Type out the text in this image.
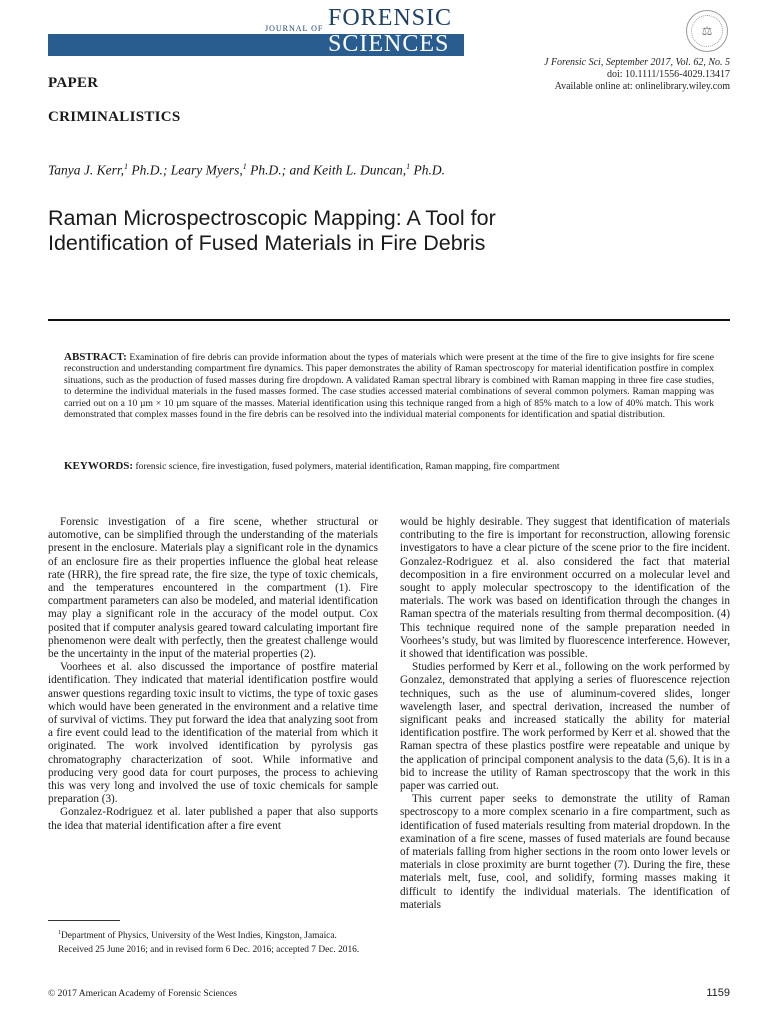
JOURNAL OF FORENSIC
SCIENCES
⚖
J Forensic Sci, September 2017, Vol. 62, No. 5
doi: 10.1111/1556-4029.13417
Available online at: onlinelibrary.wiley.com
PAPER
CRIMINALISTICS
Tanya J. Kerr,$^1$ Ph.D.; Leary Myers,$^1$ Ph.D.; and Keith L. Duncan,$^1$ Ph.D.
Raman Microspectroscopic Mapping: A Tool for Identification of Fused Materials in Fire Debris
ABSTRACT: Examination of fire debris can provide information about the types of materials which were present at the time of the fire to give insights for fire scene reconstruction and understanding compartment fire dynamics. This paper demonstrates the ability of Raman spectroscopy for material identification postfire in complex situations, such as the production of fused masses during fire dropdown. A validated Raman spectral library is combined with Raman mapping in three fire case studies, to determine the individual materials in the fused masses formed. The case studies accessed material combinations of several common polymers. Raman mapping was carried out on a 10 µm × 10 µm square of the masses. Material identification using this technique ranged from a high of 85% match to a low of 40% match. This work demonstrated that complex masses found in the fire debris can be resolved into the individual material components for identification and spatial distribution.
KEYWORDS: forensic science, fire investigation, fused polymers, material identification, Raman mapping, fire compartment

Forensic investigation of a fire scene, whether structural or automotive, can be simplified through the understanding of the materials present in the enclosure. Materials play a significant role in the dynamics of an enclosure fire as their properties influence the global heat release rate (HRR), the fire spread rate, the fire size, the type of toxic chemicals, and the temperatures encountered in the compartment (1). Fire compartment parameters can also be modeled, and material identification may play a significant role in the accuracy of the model output. Cox posited that if computer analysis geared toward calculating important fire phenomenon were dealt with perfectly, then the greatest challenge would be the uncertainty in the input of the material properties (2).

Voorhees et al. also discussed the importance of postfire material identification. They indicated that material identification postfire would answer questions regarding toxic insult to victims, the type of toxic gases which would have been generated in the environment and a relative time of survival of victims. They put forward the idea that analyzing soot from a fire event could lead to the identification of the material from which it originated. The work involved identification by pyrolysis gas chromatography characterization of soot. While informative and producing very good data for court purposes, the process to achieving this was very long and involved the use of toxic chemicals for sample preparation (3).

Gonzalez-Rodriguez et al. later published a paper that also supports the idea that material identification after a fire event

would be highly desirable. They suggest that identification of materials contributing to the fire is important for reconstruction, allowing forensic investigators to have a clear picture of the scene prior to the fire incident. Gonzalez-Rodriguez et al. also considered the fact that material decomposition in a fire environment occurred on a molecular level and sought to apply molecular spectroscopy to the identification of the materials. The work was based on identification through the changes in Raman spectra of the materials resulting from thermal decomposition. (4) This technique required none of the sample preparation needed in Voorhees’s study, but was limited by fluorescence interference. However, it showed that identification was possible.

Studies performed by Kerr et al., following on the work performed by Gonzalez, demonstrated that applying a series of fluorescence rejection techniques, such as the use of aluminum-covered slides, longer wavelength laser, and spectral derivation, increased the number of significant peaks and increased statically the ability for material identification postfire. The work performed by Kerr et al. showed that the Raman spectra of these plastics postfire were repeatable and unique by the application of principal component analysis to the data (5,6). It is in a bid to increase the utility of Raman spectroscopy that the work in this paper was carried out.

This current paper seeks to demonstrate the utility of Raman spectroscopy to a more complex scenario in a fire compartment, such as identification of fused materials resulting from material dropdown. In the examination of a fire scene, masses of fused materials are found because of materials falling from higher sections in the room onto lower levels or materials in close proximity are burnt together (7). During the fire, these materials melt, fuse, cool, and solidify, forming masses making it difficult to identify the individual materials. The identification of materials

$^1$Department of Physics, University of the West Indies, Kingston, Jamaica.

Received 25 June 2016; and in revised form 6 Dec. 2016; accepted 7 Dec. 2016.

© 2017 American Academy of Forensic Sciences	1159
